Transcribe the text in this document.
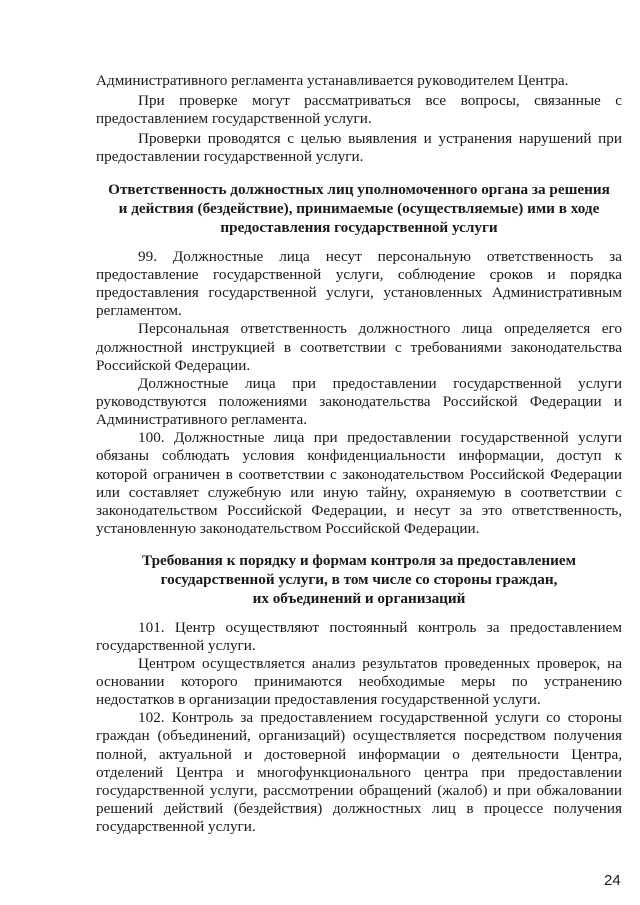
Административного регламента устанавливается руководителем Центра.

При проверке могут рассматриваться все вопросы, связанные с

предоставлением государственной услуги.

Проверки проводятся с целью выявления и устранения нарушений при

предоставлении государственной услуги.

Ответственность должностных лиц уполномоченного органа за решения

и действия (бездействие), принимаемые (осуществляемые) ими в ходе

предоставления государственной услуги

99. Должностные лица несут персональную ответственность за

предоставление государственной услуги, соблюдение сроков и порядка

предоставления государственной услуги, установленных Административным

регламентом.

Персональная ответственность должностного лица определяется его

должностной инструкцией в соответствии с требованиями законодательства

Российской Федерации.

Должностные лица при предоставлении государственной услуги

руководствуются положениями законодательства Российской Федерации и

Административного регламента.

100. Должностные лица при предоставлении государственной услуги

обязаны соблюдать условия конфиденциальности информации, доступ к

которой ограничен в соответствии с законодательством Российской Федерации

или составляет служебную или иную тайну, охраняемую в соответствии с

законодательством Российской Федерации, и несут за это ответственность,

установленную законодательством Российской Федерации.

Требования к порядку и формам контроля за предоставлением

государственной услуги, в том числе со стороны граждан,

их объединений и организаций

101. Центр осуществляют постоянный контроль за предоставлением

государственной услуги.

Центром осуществляется анализ результатов проведенных проверок, на

основании которого принимаются необходимые меры по устранению

недостатков в организации предоставления государственной услуги.

102. Контроль за предоставлением государственной услуги со стороны

граждан (объединений, организаций) осуществляется посредством получения

полной, актуальной и достоверной информации о деятельности Центра,

отделений Центра и многофункционального центра при предоставлении

государственной услуги, рассмотрении обращений (жалоб) и при обжаловании

решений действий (бездействия) должностных лиц в процессе получения

государственной услуги.

24
